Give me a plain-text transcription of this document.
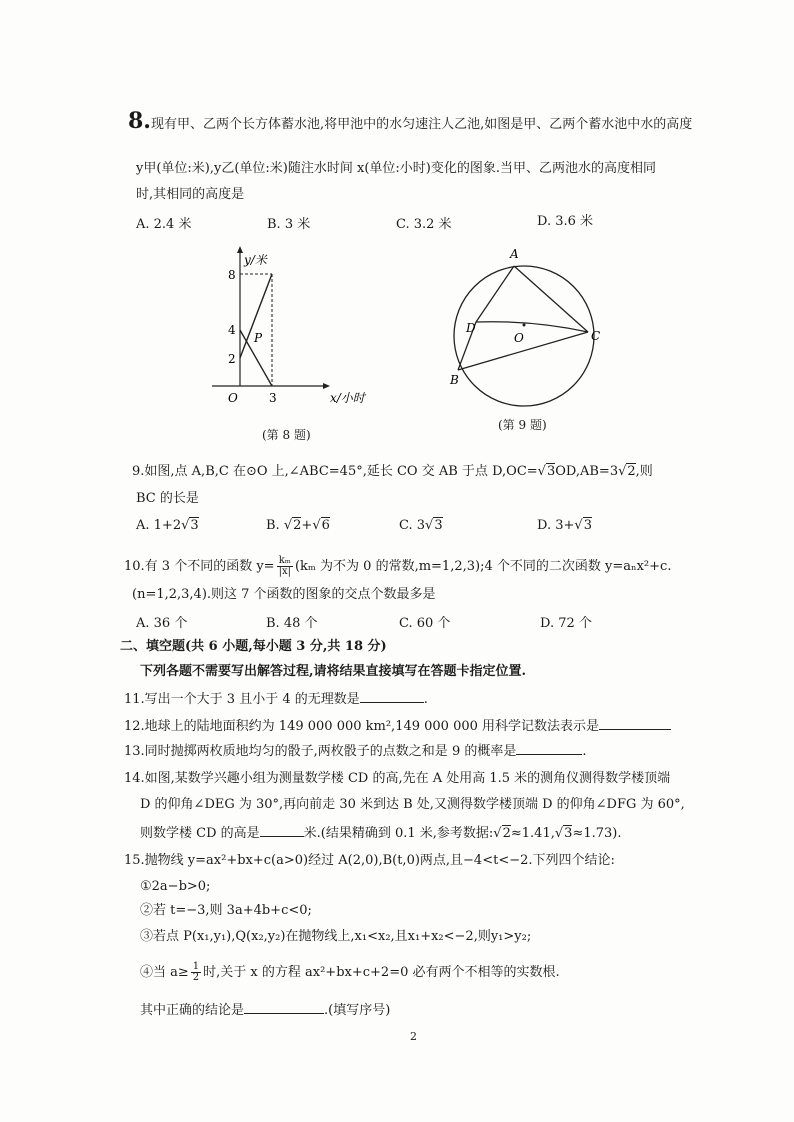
8.现有甲、乙两个长方体蓄水池,将甲池中的水匀速注人乙池,如图是甲、乙两个蓄水池中水的高度
y甲(单位:米),y乙(单位:米)随注水时间 x(单位:小时)变化的图象.当甲、乙两池水的高度相同
时,其相同的高度是
A. 2.4 米	B. 3 米	C. 3.2 米	D. 3.6 米
y/米
x/小时
O
8
4
2
3
P
(第 8 题)
A
B
C
D
O
(第 9 题)
9.如图,点 A,B,C 在⊙O 上,∠ABC=45°,延长 CO 交 AB 于点 D,OC=√3OD,AB=3√2,则
BC 的长是
A. 1+2√3	B. √2+√6	C. 3√3	D. 3+√3
10.有 3 个不同的函数 $y= \frac{\text{kₘ}}{|x|} (k_m$ 为不为 0 的常数,m=1,2,3);4 个不同的二次函数 y=aₙx²+c.
(n=1,2,3,4).则这 7 个函数的图象的交点个数最多是
A. 36 个	B. 48 个	C. 60 个	D. 72 个
二、填空题(共 6 小题,每小题 3 分,共 18 分)
下列各题不需要写出解答过程,请将结果直接填写在答题卡指定位置.
11.写出一个大于 3 且小于 4 的无理数是	.
12.地球上的陆地面积约为 149 000 000 km²,149 000 000 用科学记数法表示是
13.同时抛掷两枚质地均匀的骰子,两枚骰子的点数之和是 9 的概率是	.
14.如图,某数学兴趣小组为测量数学楼 CD 的高,先在 A 处用高 1.5 米的测角仪测得数学楼顶端
D 的仰角∠DEG 为 30°,再向前走 30 米到达 B 处,又测得数学楼顶端 D 的仰角∠DFG 为 60°,
则数学楼 CD 的高是	米.(结果精确到 0.1 米,参考数据:√2≈1.41,√3≈1.73).
15.抛物线 y=ax²+bx+c(a>0)经过 A(2,0),B(t,0)两点,且−4<t<−2.下列四个结论:
①2a−b>0;
②若 t=−3,则 3a+4b+c<0;
③若点 P(x₁,y₁),Q(x₂,y₂)在抛物线上,x₁<x₂,且x₁+x₂<−2,则y₁>y₂;
④当 $a\ge \frac{1}{2}$ 时,关于 x 的方程 ax²+bx+c+2=0 必有两个不相等的实数根.
其中正确的结论是	.(填写序号)
2
